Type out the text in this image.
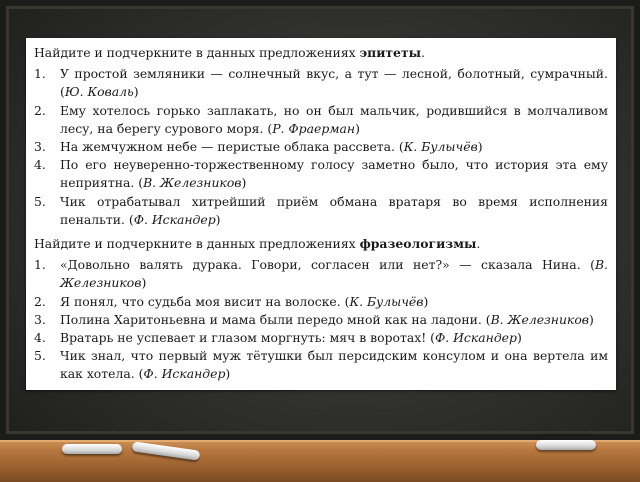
Найдите и подчеркните в данных предложениях эпитеты.
1.	У простой земляники — солнечный вкус, а тут — лесной, болотный, сумрачный. (Ю. Коваль)
2.	Ему хотелось горько заплакать, но он был мальчик, родившийся в молчаливом лесу, на берегу сурового моря. (Р. Фраерман)
3.	На жемчужном небе — перистые облака рассвета. (К. Булычёв)
4.	По его неуверенно-торжественному голосу заметно было, что история эта ему неприятна. (В. Железников)
5.	Чик отрабатывал хитрейший приём обмана вратаря во время исполнения пенальти. (Ф. Искандер)
Найдите и подчеркните в данных предложениях фразеологизмы.
1.	«Довольно валять дурака. Говори, согласен или нет?» — сказала Нина. (В. Железников)
2.	Я понял, что судьба моя висит на волоске. (К. Булычёв)
3.	Полина Харитоньевна и мама были передо мной как на ладони. (В. Железников)
4.	Вратарь не успевает и глазом моргнуть: мяч в воротах! (Ф. Искандер)
5.	Чик знал, что первый муж тётушки был персидским консулом и она вертела им как хотела. (Ф. Искандер)
